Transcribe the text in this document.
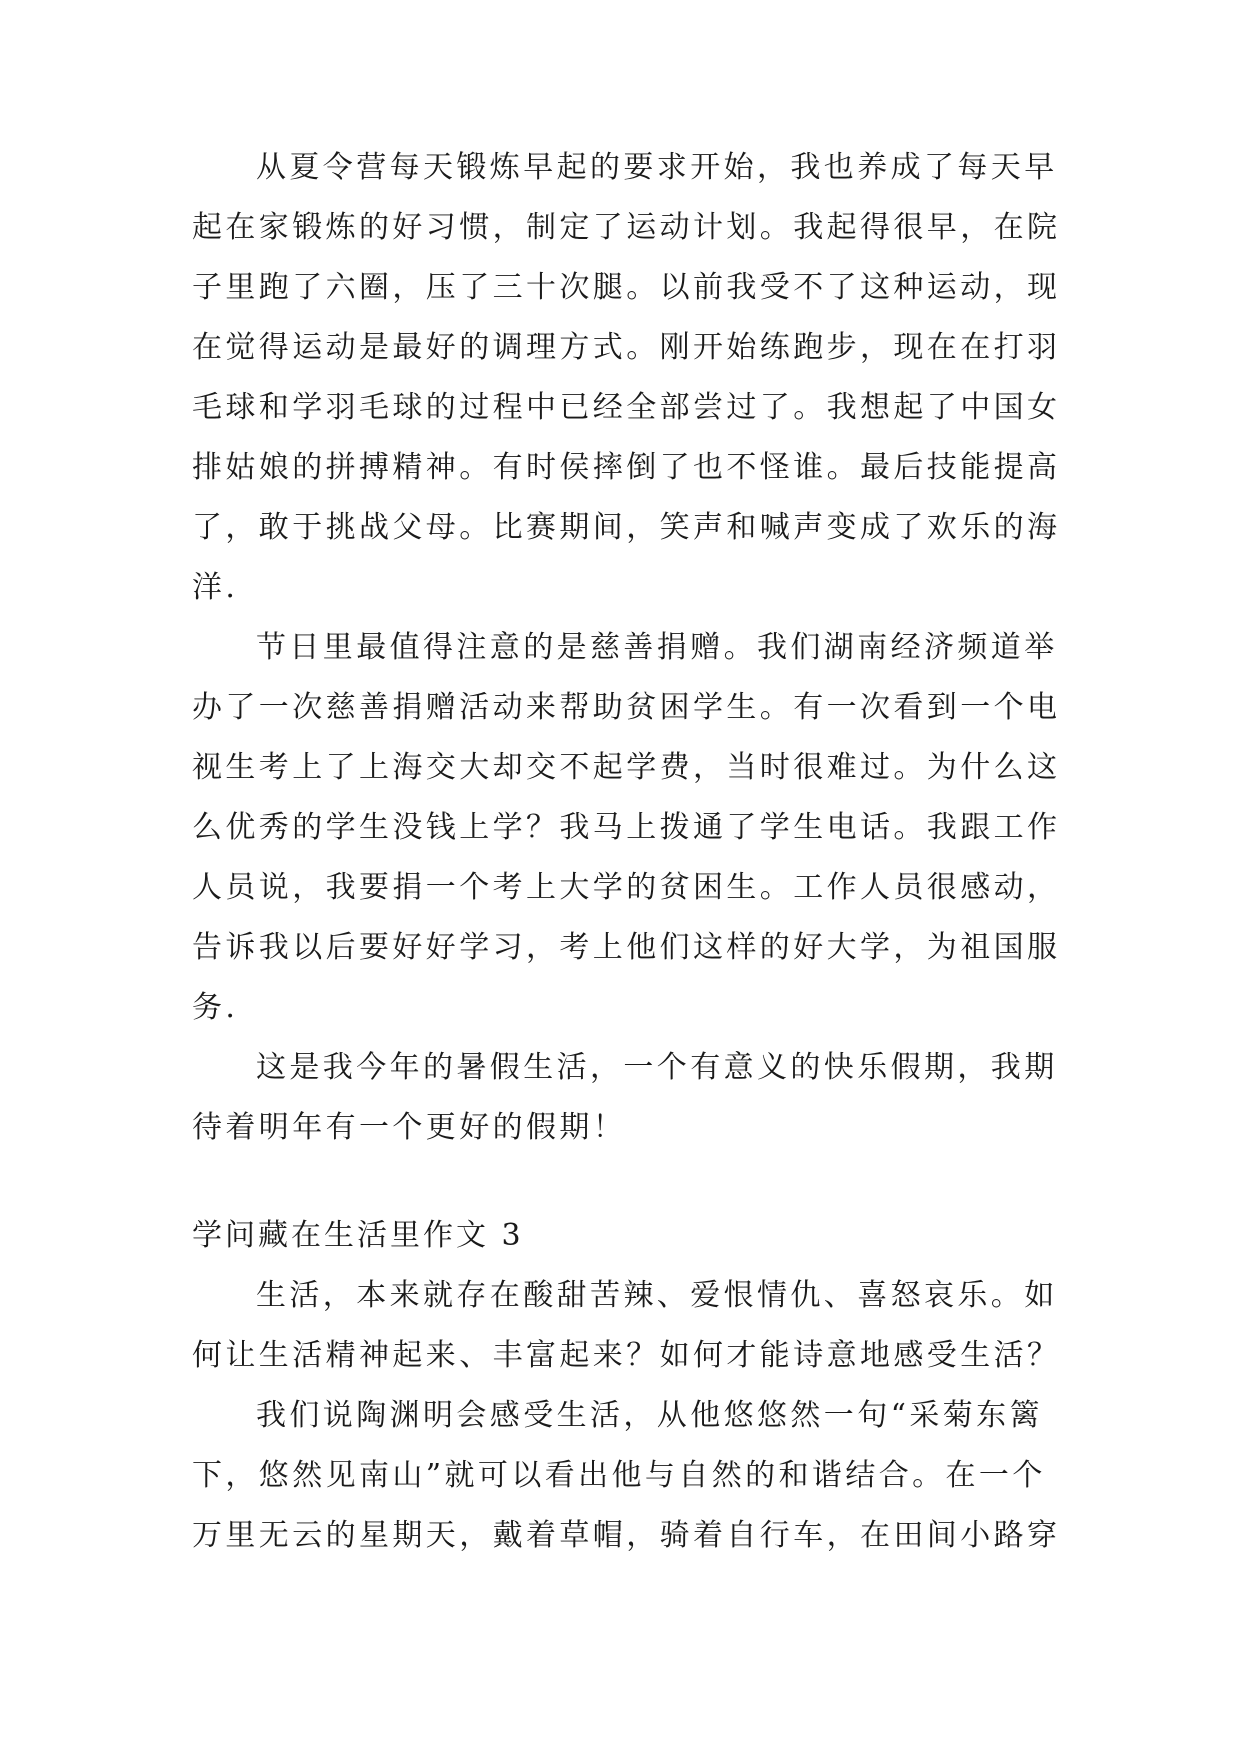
从夏令营每天锻炼早起的要求开始，我也养成了每天早
起在家锻炼的好习惯，制定了运动计划。我起得很早，在院
子里跑了六圈，压了三十次腿。以前我受不了这种运动，现
在觉得运动是最好的调理方式。刚开始练跑步，现在在打羽
毛球和学羽毛球的过程中已经全部尝过了。我想起了中国女
排姑娘的拼搏精神。有时侯摔倒了也不怪谁。最后技能提高
了，敢于挑战父母。比赛期间，笑声和喊声变成了欢乐的海
洋.
节日里最值得注意的是慈善捐赠。我们湖南经济频道举
办了一次慈善捐赠活动来帮助贫困学生。有一次看到一个电
视生考上了上海交大却交不起学费，当时很难过。为什么这
么优秀的学生没钱上学？我马上拨通了学生电话。我跟工作
人员说，我要捐一个考上大学的贫困生。工作人员很感动，
告诉我以后要好好学习，考上他们这样的好大学，为祖国服
务.
这是我今年的暑假生活，一个有意义的快乐假期，我期
待着明年有一个更好的假期！
学问藏在生活里作文 3
生活，本来就存在酸甜苦辣、爱恨情仇、喜怒哀乐。如
何让生活精神起来、丰富起来？如何才能诗意地感受生活？
我们说陶渊明会感受生活，从他悠悠然一句“采菊东篱
下，悠然见南山”就可以看出他与自然的和谐结合。在一个
万里无云的星期天，戴着草帽，骑着自行车，在田间小路穿
